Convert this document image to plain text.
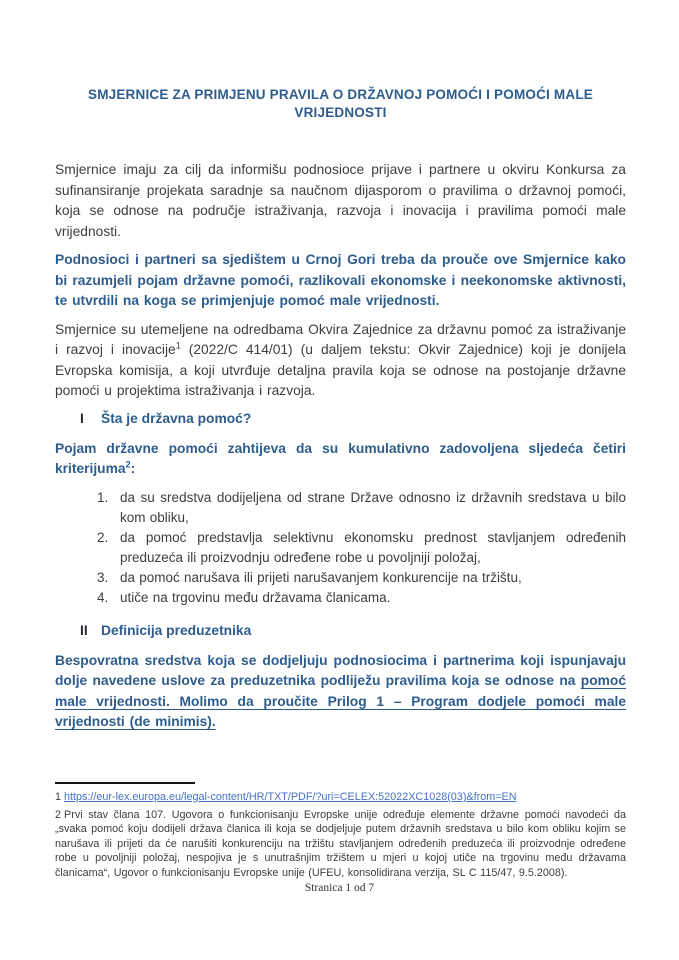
SMJERNICE ZA PRIMJENU PRAVILA O DRŽAVNOJ POMOĆI I POMOĆI MALE VRIJEDNOSTI

Smjernice imaju za cilj da informišu podnosioce prijave i partnere u okviru Konkursa za sufinansiranje projekata saradnje sa naučnom dijasporom o pravilima o državnoj pomoći, koja se odnose na područje istraživanja, razvoja i inovacija i pravilima pomoći male vrijednosti.

Podnosioci i partneri sa sjedištem u Crnoj Gori treba da prouče ove Smjernice kako bi razumjeli pojam državne pomoći, razlikovali ekonomske i neekonomske aktivnosti, te utvrdili na koga se primjenjuje pomoć male vrijednosti.

Smjernice su utemeljene na odredbama Okvira Zajednice za državnu pomoć za istraživanje i razvoj i inovacije$^1$ (2022/C 414/01) (u daljem tekstu: Okvir Zajednice) koji je donijela Evropska komisija, a koji utvrđuje detaljna pravila koja se odnose na postojanje državne pomoći u projektima istraživanja i razvoja.

I	Šta je državna pomoć?

Pojam državne pomoći zahtijeva da su kumulativno zadovoljena sljedeća četiri kriterijuma$^2$:

1. da su sredstva dodijeljena od strane Države odnosno iz državnih sredstava u bilo kom obliku,
2. da pomoć predstavlja selektivnu ekonomsku prednost stavljanjem određenih preduzeća ili proizvodnju određene robe u povoljniji položaj,
3. da pomoć narušava ili prijeti narušavanjem konkurencije na tržištu,
4. utiče na trgovinu među državama članicama.
II Definicija preduzetnika

Bespovratna sredstva koja se dodjeljuju podnosiocima i partnerima koji ispunjavaju dolje navedene uslove za preduzetnika podliježu pravilima koja se odnose na pomoć male vrijednosti. Molimo da proučite Prilog 1 – Program dodjele pomoći male vrijednosti (de minimis).

1 https://eur-lex.europa.eu/legal-content/HR/TXT/PDF/?uri=CELEX:52022XC1028(03)&from=EN
2 Prvi stav člana 107. Ugovora o funkcionisanju Evropske unije određuje elemente državne pomoći navodeći da „svaka pomoć koju dodijeli država članica ili koja se dodjeljuje putem državnih sredstava u bilo kom obliku kojim se narušava ili prijeti da će narušiti konkurenciju na tržištu stavljanjem određenih preduzeća ili proizvodnje određene robe u povoljniji položaj, nespojiva je s unutrašnjim tržištem u mjeri u kojoj utiče na trgovinu među državama članicama“, Ugovor o funkcionisanju Evropske unije (UFEU, konsolidirana verzija, SL C 115/47, 9.5.2008).
Stranica 1 od 7
